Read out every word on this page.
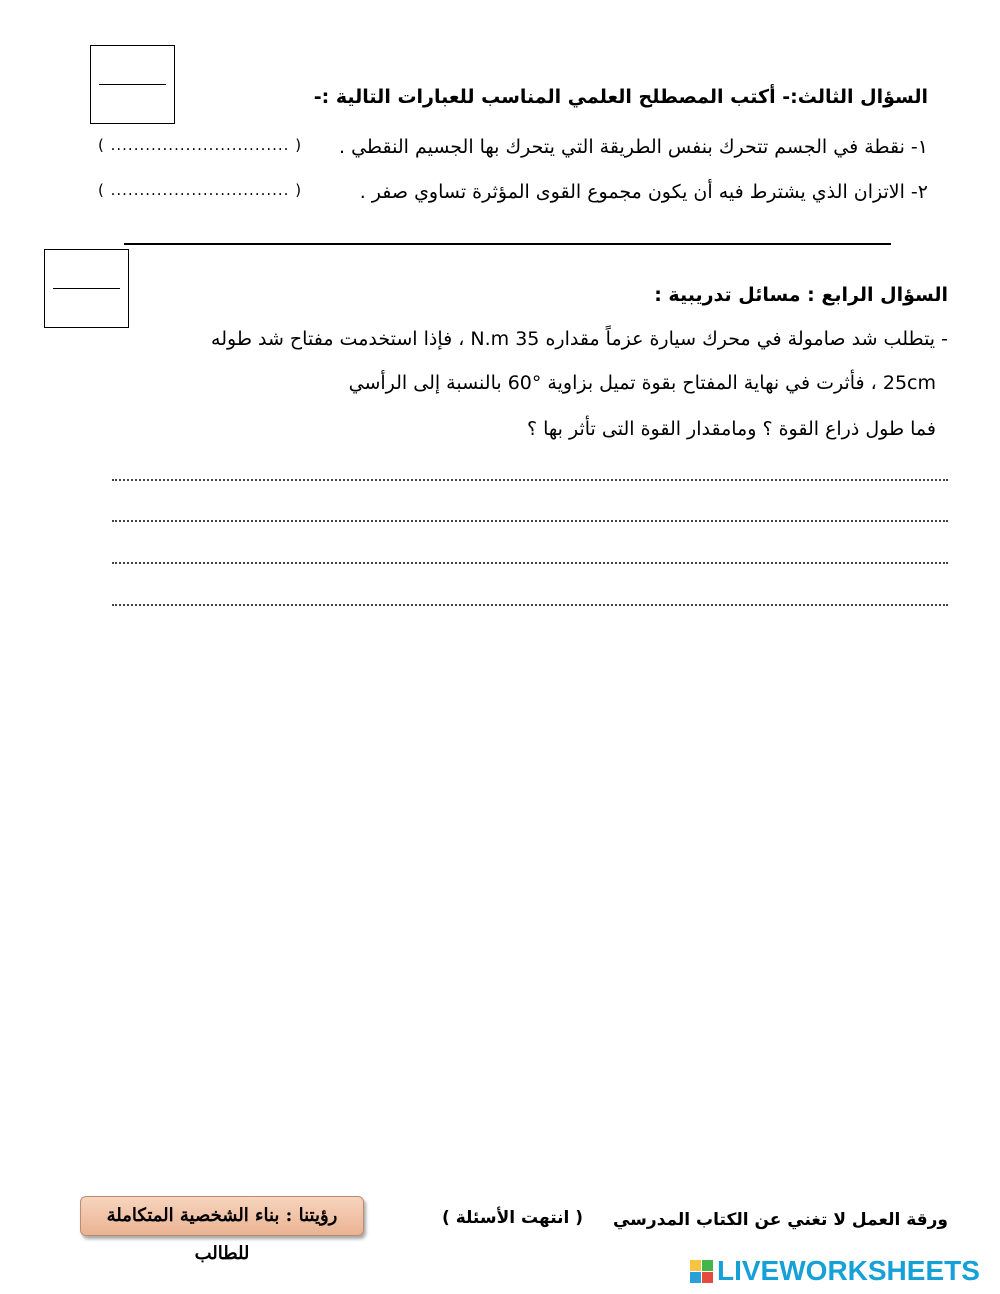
السؤال الثالث:- أكتب المصطلح العلمي المناسب للعبارات التالية :-
١- نقطة في الجسم تتحرك بنفس الطريقة التي يتحرك بها الجسيم النقطي .
( ............................... )
٢- الاتزان الذي يشترط فيه أن يكون مجموع القوى المؤثرة تساوي صفر .
( ............................... )
السؤال الرابع : مسائل تدريبية :
- يتطلب شد صامولة في محرك سيارة عزماً مقداره 35 N.m ، فإذا استخدمت مفتاح شد طوله
25cm ، فأثرت في نهاية المفتاح بقوة تميل بزاوية °60 بالنسبة إلى الرأسي
فما طول ذراع القوة ؟ ومامقدار القوة التى تأثر بها ؟
ورقة العمل لا تغني عن الكتاب المدرسي
( انتهت الأسئلة )
رؤيتنا : بناء الشخصية المتكاملة للطالب
LIVEWORKSHEETS
